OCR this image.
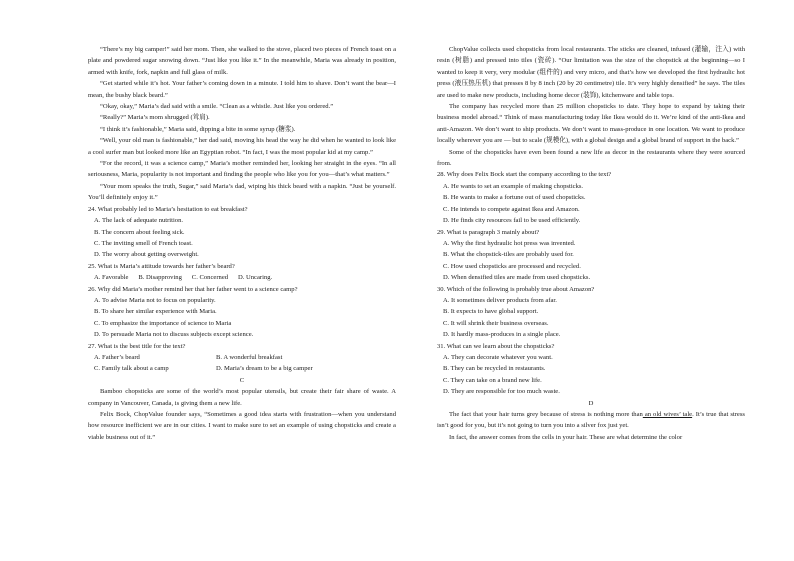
“There’s my big camper!” said her mom. Then, she walked to the stove, placed two pieces of French toast on a plate and powdered sugar snowing down. “Just like you like it.” In the meanwhile, Maria was already in position, armed with knife, fork, napkin and full glass of milk.

“Get started while it’s hot. Your father’s coming down in a minute. I told him to shave. Don’t want the bear—I mean, the bushy black beard.”

“Okay, okay,” Maria’s dad said with a smile. “Clean as a whistle. Just like you ordered.”

“Really?” Maria’s mom shrugged (耸肩).

“I think it’s fashionable,” Maria said, dipping a bite in some syrup (糖浆).

“Well, your old man is fashionable,” her dad said, moving his head the way he did when he wanted to look like a cool surfer man but looked more like an Egyptian robot. “In fact, I was the most popular kid at my camp.”

“For the record, it was a science camp,” Maria’s mother reminded her, looking her straight in the eyes. “In all seriousness, Maria, popularity is not important and finding the people who like you for you—that’s what matters.”

“Your mom speaks the truth, Sugar,” said Maria’s dad, wiping his thick beard with a napkin. “Just be yourself. You’ll definitely enjoy it.”

24. What probably led to Maria’s hesitation to eat breakfast?

A. The lack of adequate nutrition.

B. The concern about feeling sick.

C. The inviting smell of French toast.

D. The worry about getting overweight.

25. What is Maria’s attitude towards her father’s beard?

A. Favorable      B. Disapproving      C. Concerned      D. Uncaring.

26. Why did Maria’s mother remind her that her father went to a science camp?

A. To advise Maria not to focus on popularity.

B. To share her similar experience with Maria.

C. To emphasize the importance of science to Maria

D. To persuade Maria not to discuss subjects except science.

27. What is the best title for the text?

A. Father’s beard	B. A wonderful breakfast
C. Family talk about a camp	D. Maria’s dream to be a big camper

C

Bamboo chopsticks are some of the world’s most popular utensils, but create their fair share of waste. A company in Vancouver, Canada, is giving them a new life.

Felix Bock, ChopValue founder says, “Sometimes a good idea starts with frustration—when you understand how resource inefficient we are in our cities. I want to make sure to set an example of using chopsticks and create a viable business out of it.”

ChopValue collects used chopsticks from local restaurants. The sticks are cleaned, infused (灌输，注入) with resin (树脂) and pressed into tiles (瓷砖). “Our limitation was the size of the chopstick at the beginning—so I wanted to keep it very, very modular (组件的) and very micro, and that’s how we developed the first hydraulic hot press (液压热压机) that presses 8 by 8 inch (20 by 20 centimetre) tile. It’s very highly densified” he says. The tiles are used to make new products, including home decor (装饰), kitchenware and table tops.

The company has recycled more than 25 million chopsticks to date. They hope to expand by taking their business model abroad.“ Think of mass manufacturing today like Ikea would do it. We’re kind of the anti-Ikea and anti-Amazon. We don’t want to ship products. We don’t want to mass-produce in one location. We want to produce locally wherever you are — but to scale (规模化), with a global design and a global brand of support in the back.”

Some of the chopsticks have even been found a new life as decor in the restaurants where they were sourced from.

28. Why does Felix Bock start the company according to the text?

A. He wants to set an example of making chopsticks.

B. He wants to make a fortune out of used chopsticks.

C. He intends to compete against Ikea and Amazon.

D. He finds city resources fail to be used efficiently.

29. What is paragraph 3 mainly about?

A. Why the first hydraulic hot press was invented.

B. What the chopstick-tiles are probably used for.

C. How used chopsticks are processed and recycled.

D. When densified tiles are made from used chopsticks.

30. Which of the following is probably true about Amazon?

A. It sometimes deliver products from afar.

B. It expects to have global support.

C. It will shrink their business overseas.

D. It hardly mass-produces in a single place.

31. What can we learn about the chopsticks?

A. They can decorate whatever you want.

B. They can be recycled in restaurants.

C. They can take on a brand new life.

D. They are responsible for too much waste.

D

The fact that your hair turns grey because of stress is nothing more than an old wives’ tale. It’s true that stress isn’t good for you, but it’s not going to turn you into a silver fox just yet.

In fact, the answer comes from the cells in your hair. These are what determine the color
